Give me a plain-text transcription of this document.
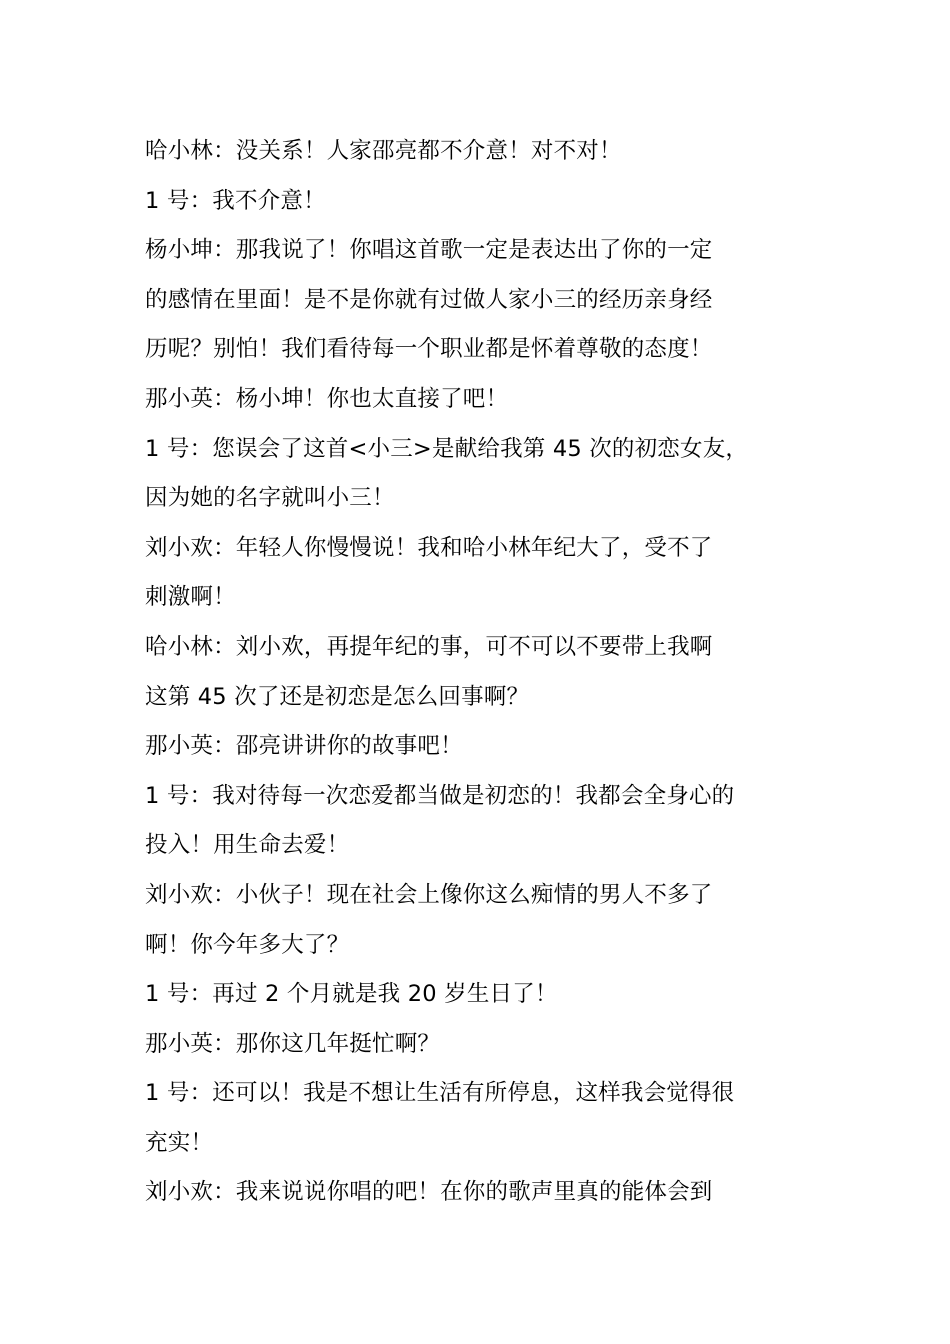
哈小林：没关系！人家邵亮都不介意！对不对！
1 号：我不介意！
杨小坤：那我说了！你唱这首歌一定是表达出了你的一定
的感情在里面！是不是你就有过做人家小三的经历亲身经
历呢？别怕！我们看待每一个职业都是怀着尊敬的态度！
那小英：杨小坤！你也太直接了吧！
1 号：您误会了这首<小三>是献给我第 45 次的初恋女友，
因为她的名字就叫小三！
刘小欢：年轻人你慢慢说！我和哈小林年纪大了，受不了
刺激啊！
哈小林：刘小欢，再提年纪的事，可不可以不要带上我啊
这第 45 次了还是初恋是怎么回事啊？
那小英：邵亮讲讲你的故事吧！
1 号：我对待每一次恋爱都当做是初恋的！我都会全身心的
投入！用生命去爱！
刘小欢：小伙子！现在社会上像你这么痴情的男人不多了
啊！你今年多大了？
1 号：再过 2 个月就是我 20 岁生日了！
那小英：那你这几年挺忙啊？
1 号：还可以！我是不想让生活有所停息，这样我会觉得很
充实！
刘小欢：我来说说你唱的吧！在你的歌声里真的能体会到
